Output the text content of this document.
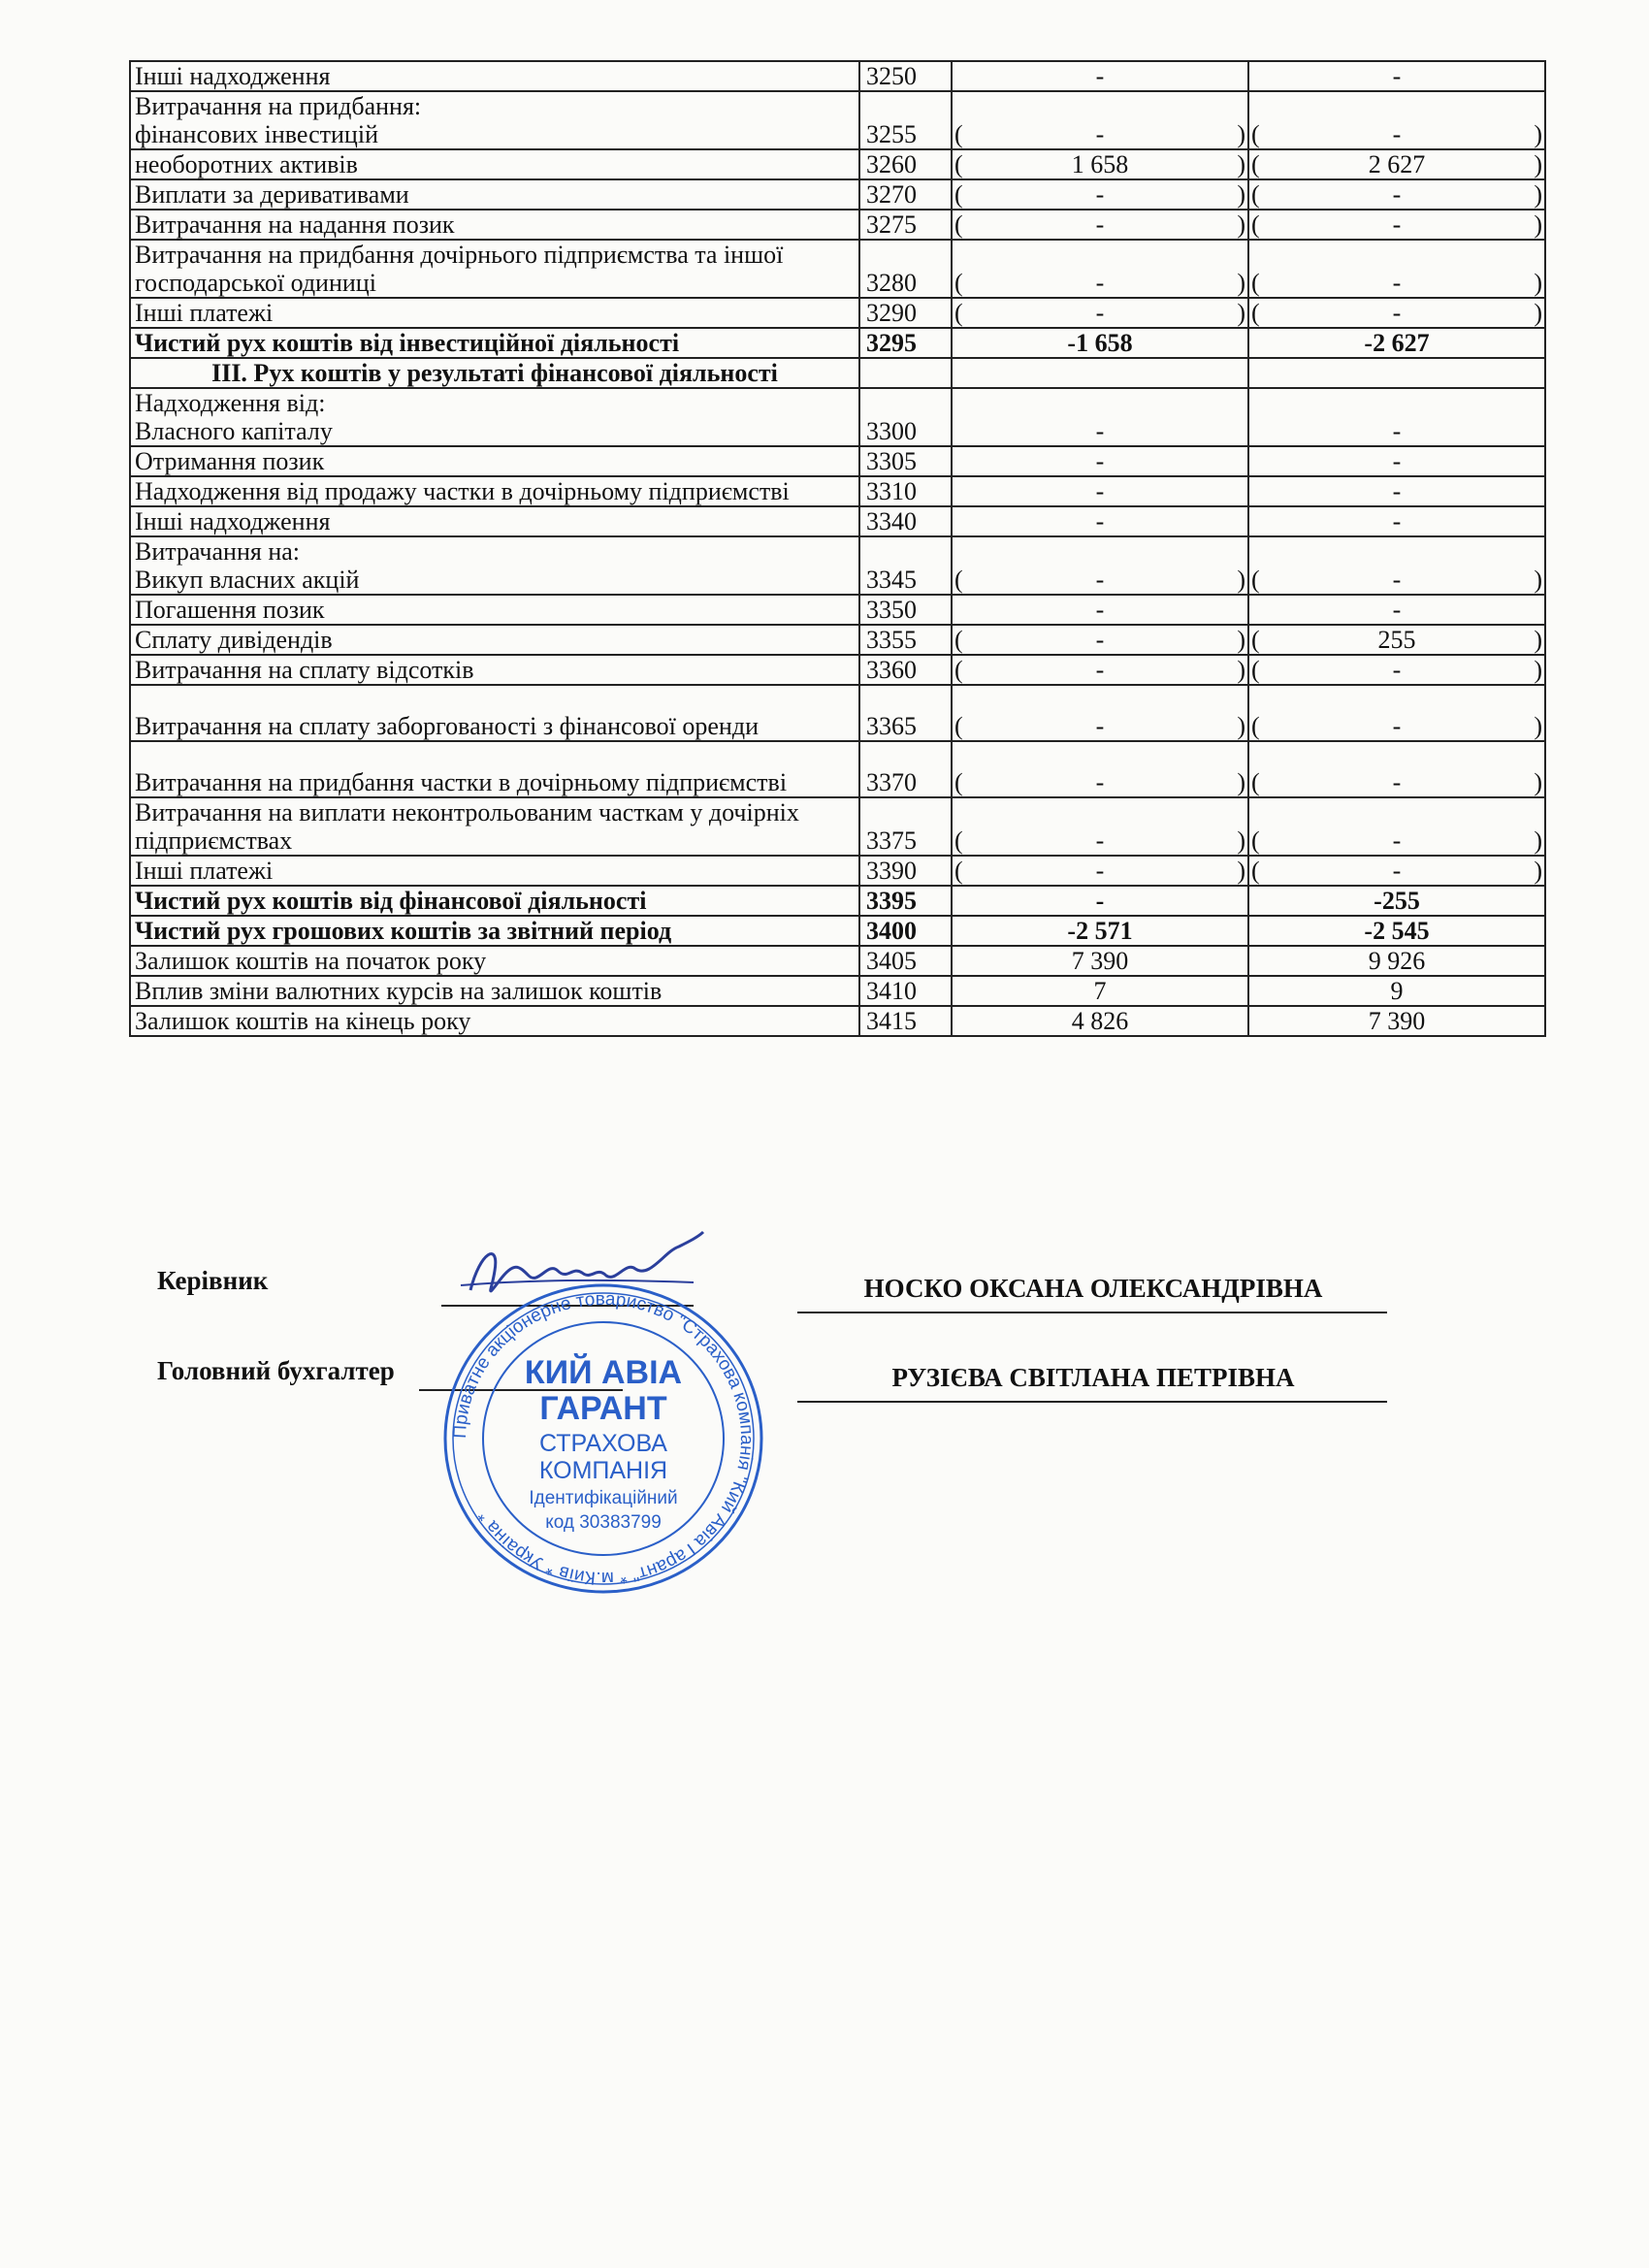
Інші надходження	3250	-	-
Витрачання на придбання:
фінансових інвестицій	3255	( - )	( - )
необоротних активів	3260	( 1 658 )	( 2 627 )
Виплати за деривативами	3270	( - )	( - )
Витрачання на надання позик	3275	( - )	( - )
Витрачання на придбання дочірнього підприємства та іншої господарської одиниці	3280	( - )	( - )
Інші платежі	3290	( - )	( - )
Чистий рух коштів від інвестиційної діяльності	3295	-1 658	-2 627
III. Рух коштів у результаті фінансової діяльності			
Надходження від:
Власного капіталу	3300	-	-
Отримання позик	3305	-	-
Надходження від продажу частки в дочірньому підприємстві	3310	-	-
Інші надходження	3340	-	-
Витрачання на:
Викуп власних акцій	3345	( - )	( - )
Погашення позик	3350	-	-
Сплату дивідендів	3355	( - )	( 255 )
Витрачання на сплату відсотків	3360	( - )	( - )
Витрачання на сплату заборгованості з фінансової оренди	3365	( - )	( - )
Витрачання на придбання частки в дочірньому підприємстві	3370	( - )	( - )
Витрачання на виплати неконтрольованим часткам у дочірніх підприємствах	3375	( - )	( - )
Інші платежі	3390	( - )	( - )
Чистий рух коштів від фінансової діяльності	3395	-	-255
Чистий рух грошових коштів за звітний період	3400	-2 571	-2 545
Залишок коштів на початок року	3405	7 390	9 926
Вплив зміни валютних курсів на залишок коштів	3410	7	9
Залишок коштів на кінець року	3415	4 826	7 390
Керівник	НОСКО ОКСАНА ОЛЕКСАНДРІВНА
Головний бухгалтер	РУЗІЄВА СВІТЛАНА ПЕТРІВНА
Приватне акціонерне товариство "Страхова компанія "Кий Авіа Гарант" * м.Київ * Україна *
КИЙ АВІА
ГАРАНТ
СТРАХОВА
КОМПАНІЯ
Ідентифікаційний
код 30383799
